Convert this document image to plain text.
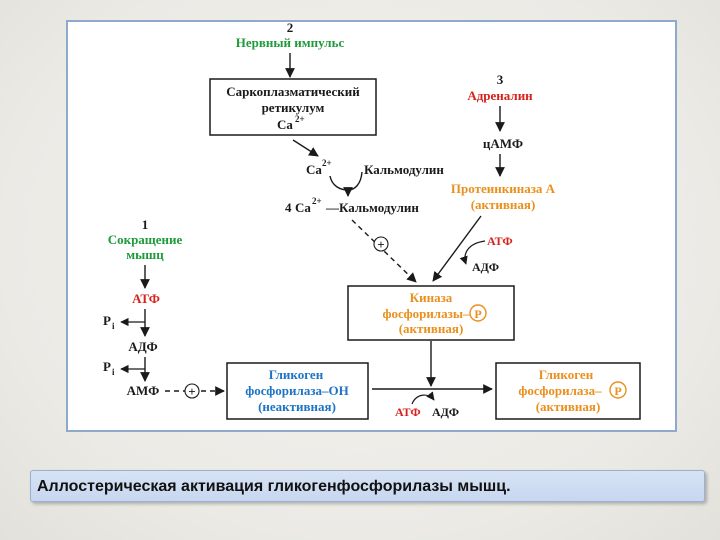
2
Нервный импульс
Саркоплазматический
ретикулум
Ca 2+
Ca 2+ Кальмодулин
4 Ca 2+ —Кальмодулин
+
3
Адреналин
цАМФ
Протеинкиназа А
(активная)
АТФ
АДФ
1
Сокращение
мышц
АТФ
P i
АДФ
P i
АМФ +
Киназа
фосфорилазы– P
(активная)
Гликоген
фосфорилаза–ОН
(неактивная)	АТФ АДФ
Гликоген
фосфорилаза– P
(активная)
Аллостерическая активация гликогенфосфорилазы мышц.
